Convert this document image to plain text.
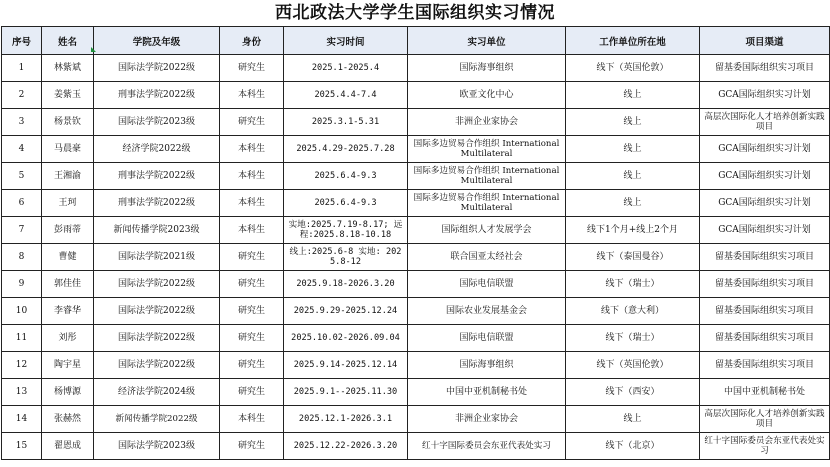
西北政法大学学生国际组织实习情况
序号	姓名	学院及年级	身份	实习时间	实习单位	工作单位所在地	项目渠道
1	林紫斌	国际法学院2022级	研究生	2025.1-2025.4	国际海事组织	线下（英国伦敦）	留基委国际组织实习项目
2	姜紫玉	刑事法学院2022级	本科生	2025.4.4-7.4	欧亚文化中心	线上	GCA国际组织实习计划
3	杨景钦	国际法学院2023级	研究生	2025.3.1-5.31	非洲企业家协会	线上	高层次国际化人才培养创新实践项目
4	马晨豪	经济学院2022级	本科生	2025.4.29-2025.7.28	国际多边贸易合作组织 International Multilateral	线上	GCA国际组织实习计划
5	王湘渝	刑事法学院2022级	本科生	2025.6.4-9.3	国际多边贸易合作组织 International Multilateral	线上	GCA国际组织实习计划
6	王珂	刑事法学院2022级	本科生	2025.6.4-9.3	国际多边贸易合作组织 International Multilateral	线上	GCA国际组织实习计划
7	彭雨蒂	新闻传播学院2023级	本科生	实地:2025.7.19-8.17; 远程:2025.8.18-10.18	国际组织人才发展学会	线下1个月+线上2个月	GCA国际组织实习计划
8	曹健	国际法学院2021级	研究生	线上:2025.6-8 实地: 2025.8-12	联合国亚太经社会	线下（泰国曼谷）	留基委国际组织实习项目
9	郭佳佳	国际法学院2022级	研究生	2025.9.18-2026.3.20	国际电信联盟	线下（瑞士）	留基委国际组织实习项目
10	李睿华	国际法学院2022级	研究生	2025.9.29-2025.12.24	国际农业发展基金会	线下（意大利）	留基委国际组织实习项目
11	刘彤	国际法学院2022级	研究生	2025.10.02-2026.09.04	国际电信联盟	线下（瑞士）	留基委国际组织实习项目
12	陶宇星	国际法学院2022级	研究生	2025.9.14-2025.12.14	国际海事组织	线下（英国伦敦）	留基委国际组织实习项目
13	杨博源	经济法学院2024级	研究生	2025.9.1--2025.11.30	中国中亚机制秘书处	线下（西安）	中国中亚机制秘书处
14	张赫然	新闻传播学院2022级	本科生	2025.12.1-2026.3.1	非洲企业家协会	线上	高层次国际化人才培养创新实践项目
15	翟恩成	国际法学院2023级	研究生	2025.12.22-2026.3.20	红十字国际委员会东亚代表处实习	线下（北京）	红十字国际委员会东亚代表处实习
